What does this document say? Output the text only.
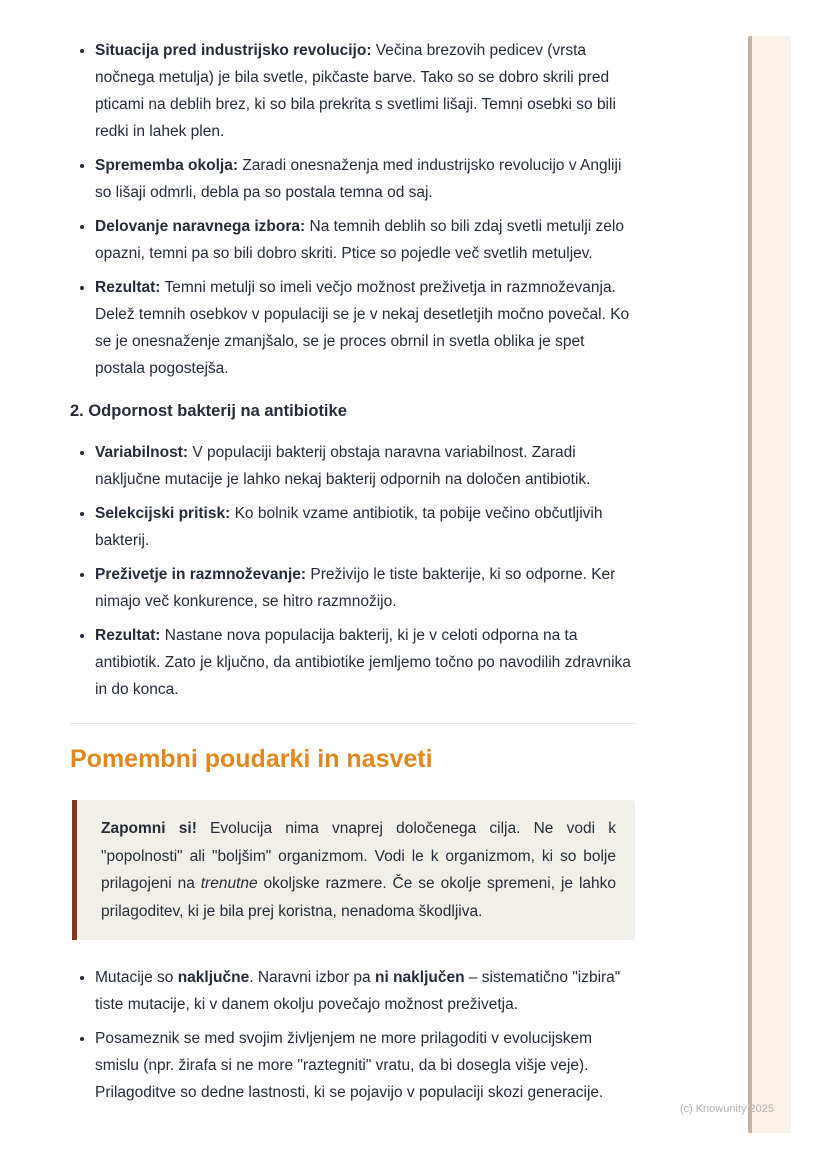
• Situacija pred industrijsko revolucijo: Večina brezovih pedicev (vrsta nočnega metulja) je bila svetle, pikčaste barve. Tako so se dobro skrili pred pticami na deblih brez, ki so bila prekrita s svetlimi lišaji. Temni osebki so bili redki in lahek plen.
• Sprememba okolja: Zaradi onesnaženja med industrijsko revolucijo v Angliji so lišaji odmrli, debla pa so postala temna od saj.
• Delovanje naravnega izbora: Na temnih deblih so bili zdaj svetli metulji zelo opazni, temni pa so bili dobro skriti. Ptice so pojedle več svetlih metuljev.
• Rezultat: Temni metulji so imeli večjo možnost preživetja in razmnoževanja. Delež temnih osebkov v populaciji se je v nekaj desetletjih močno povečal. Ko se je onesnaženje zmanjšalo, se je proces obrnil in svetla oblika je spet postala pogostejša.
2. Odpornost bakterij na antibiotike
• Variabilnost: V populaciji bakterij obstaja naravna variabilnost. Zaradi naključne mutacije je lahko nekaj bakterij odpornih na določen antibiotik.
• Selekcijski pritisk: Ko bolnik vzame antibiotik, ta pobije večino občutljivih bakterij.
• Preživetje in razmnoževanje: Preživijo le tiste bakterije, ki so odporne. Ker nimajo več konkurence, se hitro razmnožijo.
• Rezultat: Nastane nova populacija bakterij, ki je v celoti odporna na ta antibiotik. Zato je ključno, da antibiotike jemljemo točno po navodilih zdravnika in do konca.
Pomembni poudarki in nasveti

Zapomni si! Evolucija nima vnaprej določenega cilja. Ne vodi k "popolnosti" ali "boljšim" organizmom. Vodi le k organizmom, ki so bolje prilagojeni na trenutne okoljske razmere. Če se okolje spremeni, je lahko prilagoditev, ki je bila prej koristna, nenadoma škodljiva.

• Mutacije so naključne. Naravni izbor pa ni naključen – sistematično "izbira" tiste mutacije, ki v danem okolju povečajo možnost preživetja.
• Posameznik se med svojim življenjem ne more prilagoditi v evolucijskem smislu (npr. žirafa si ne more "raztegniti" vratu, da bi dosegla višje veje). Prilagoditve so dedne lastnosti, ki se pojavijo v populaciji skozi generacije.
(c) Knowunity 2025
